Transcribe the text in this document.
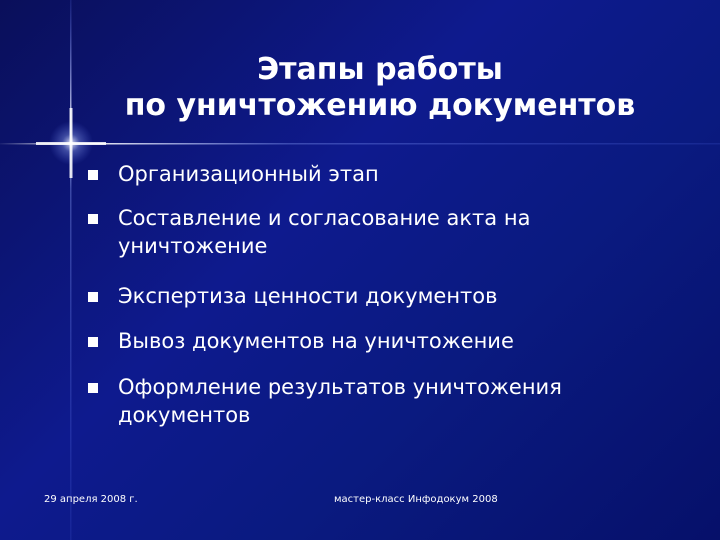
Этапы работы
по уничтожению документов
Организационный этап
Составление и согласование акта на уничтожение
Экспертиза ценности документов
Вывоз документов на уничтожение
Оформление результатов уничтожения документов
29 апреля 2008 г.	мастер-класс Инфодокум 2008
